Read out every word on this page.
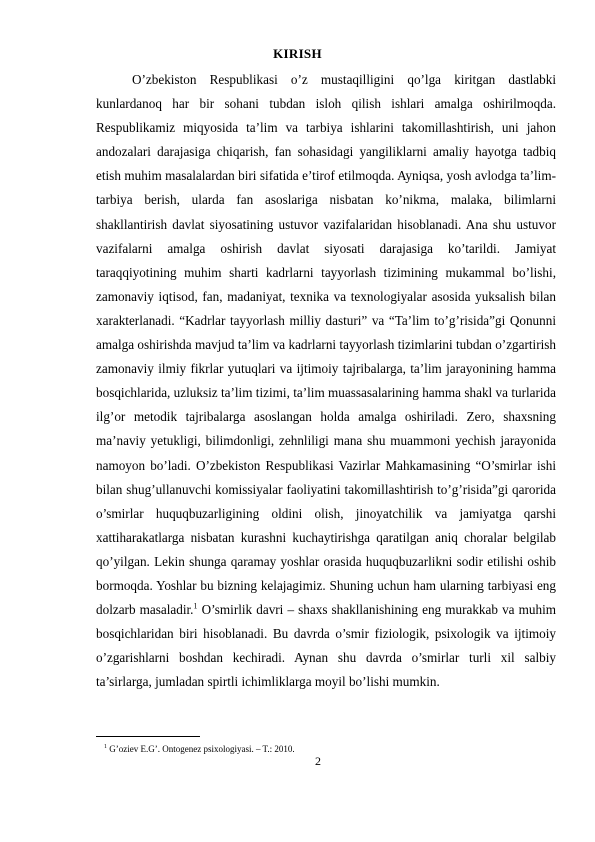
KIRISH

O’zbekiston Respublikasi o’z mustaqilligini qo’lga kiritgan dastlabki kunlardanoq har bir sohani tubdan isloh qilish ishlari amalga oshirilmoqda. Respublikamiz miqyosida ta’lim va tarbiya ishlarini takomillashtirish, uni jahon andozalari darajasiga chiqarish, fan sohasidagi yangiliklarni amaliy hayotga tadbiq etish muhim masalalardan biri sifatida e’tirof etilmoqda. Ayniqsa, yosh avlodga ta’lim-tarbiya berish, ularda fan asoslariga nisbatan ko’nikma, malaka, bilimlarni shakllantirish davlat siyosatining ustuvor vazifalaridan hisoblanadi. Ana shu ustuvor vazifalarni amalga oshirish davlat siyosati darajasiga ko’tarildi. Jamiyat taraqqiyotining muhim sharti kadrlarni tayyorlash tizimining mukammal bo’lishi, zamonaviy iqtisod, fan, madaniyat, texnika va texnologiyalar asosida yuksalish bilan xarakterlanadi. “Kadrlar tayyorlash milliy dasturi” va “Ta’lim to’g’risida”gi Qonunni amalga oshirishda mavjud ta’lim va kadrlarni tayyorlash tizimlarini tubdan o’zgartirish zamonaviy ilmiy fikrlar yutuqlari va ijtimoiy tajribalarga, ta’lim jarayonining hamma bosqichlarida, uzluksiz ta’lim tizimi, ta’lim muassasalarining hamma shakl va turlarida ilg’or metodik tajribalarga asoslangan holda amalga oshiriladi. Zero, shaxsning ma’naviy yetukligi, bilimdonligi, zehnliligi mana shu muammoni yechish jarayonida namoyon bo’ladi. O’zbekiston Respublikasi Vazirlar Mahkamasining “O’smirlar ishi bilan shug’ullanuvchi komissiyalar faoliyatini takomillashtirish to’g’risida”gi qarorida o’smirlar huquqbuzarligining oldini olish, jinoyatchilik va jamiyatga qarshi xattiharakatlarga nisbatan kurashni kuchaytirishga qaratilgan aniq choralar belgilab qo’yilgan. Lekin shunga qaramay yoshlar orasida huquqbuzarlikni sodir etilishi oshib bormoqda. Yoshlar bu bizning kelajagimiz. Shuning uchun ham ularning tarbiyasi eng dolzarb masaladir.$^1$ O’smirlik davri – shaxs shakllanishining eng murakkab va muhim bosqichlaridan biri hisoblanadi. Bu davrda o’smir fiziologik, psixologik va ijtimoiy o’zgarishlarni boshdan kechiradi. Aynan shu davrda o’smirlar turli xil salbiy ta’sirlarga, jumladan spirtli ichimliklarga moyil bo’lishi mumkin.

$^1$ G’oziev E.G’. Ontogenez psixologiyasi. – T.: 2010.
2
